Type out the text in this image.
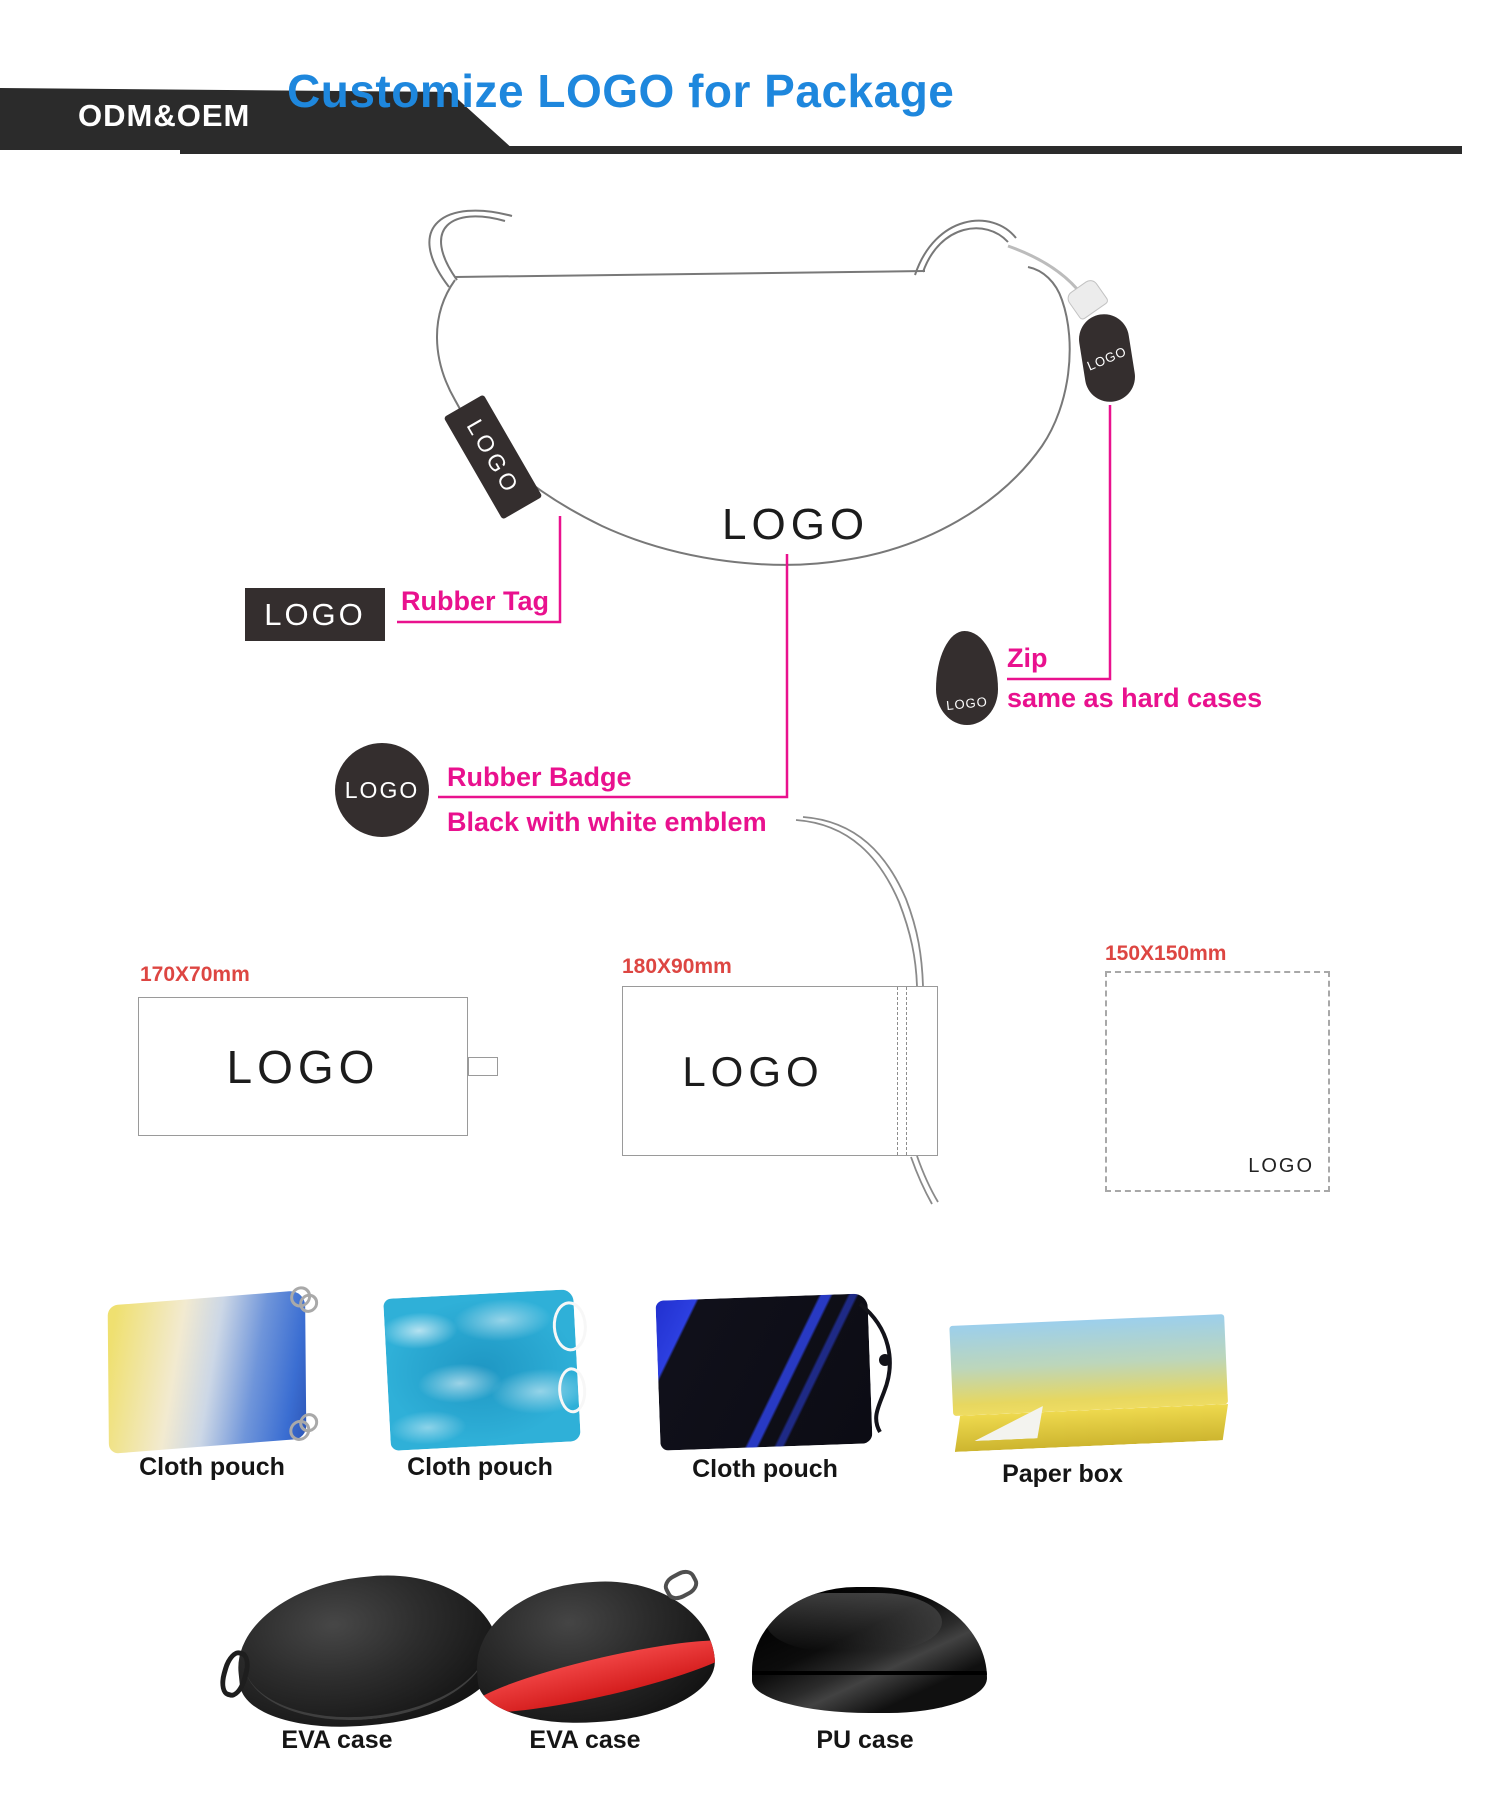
ODM&OEM Customize LOGO for Package
LOGO
LOGO
LOGO
LOGO Rubber Tag
LOGO Rubber Badge
Black with white emblem
LOGO
Zip
same as hard cases
170X70mm
LOGO
180X90mm
LOGO
150X150mm
LOGO
Cloth pouch	Cloth pouch	Cloth pouch	Paper box
EVA case	EVA case	PU case
